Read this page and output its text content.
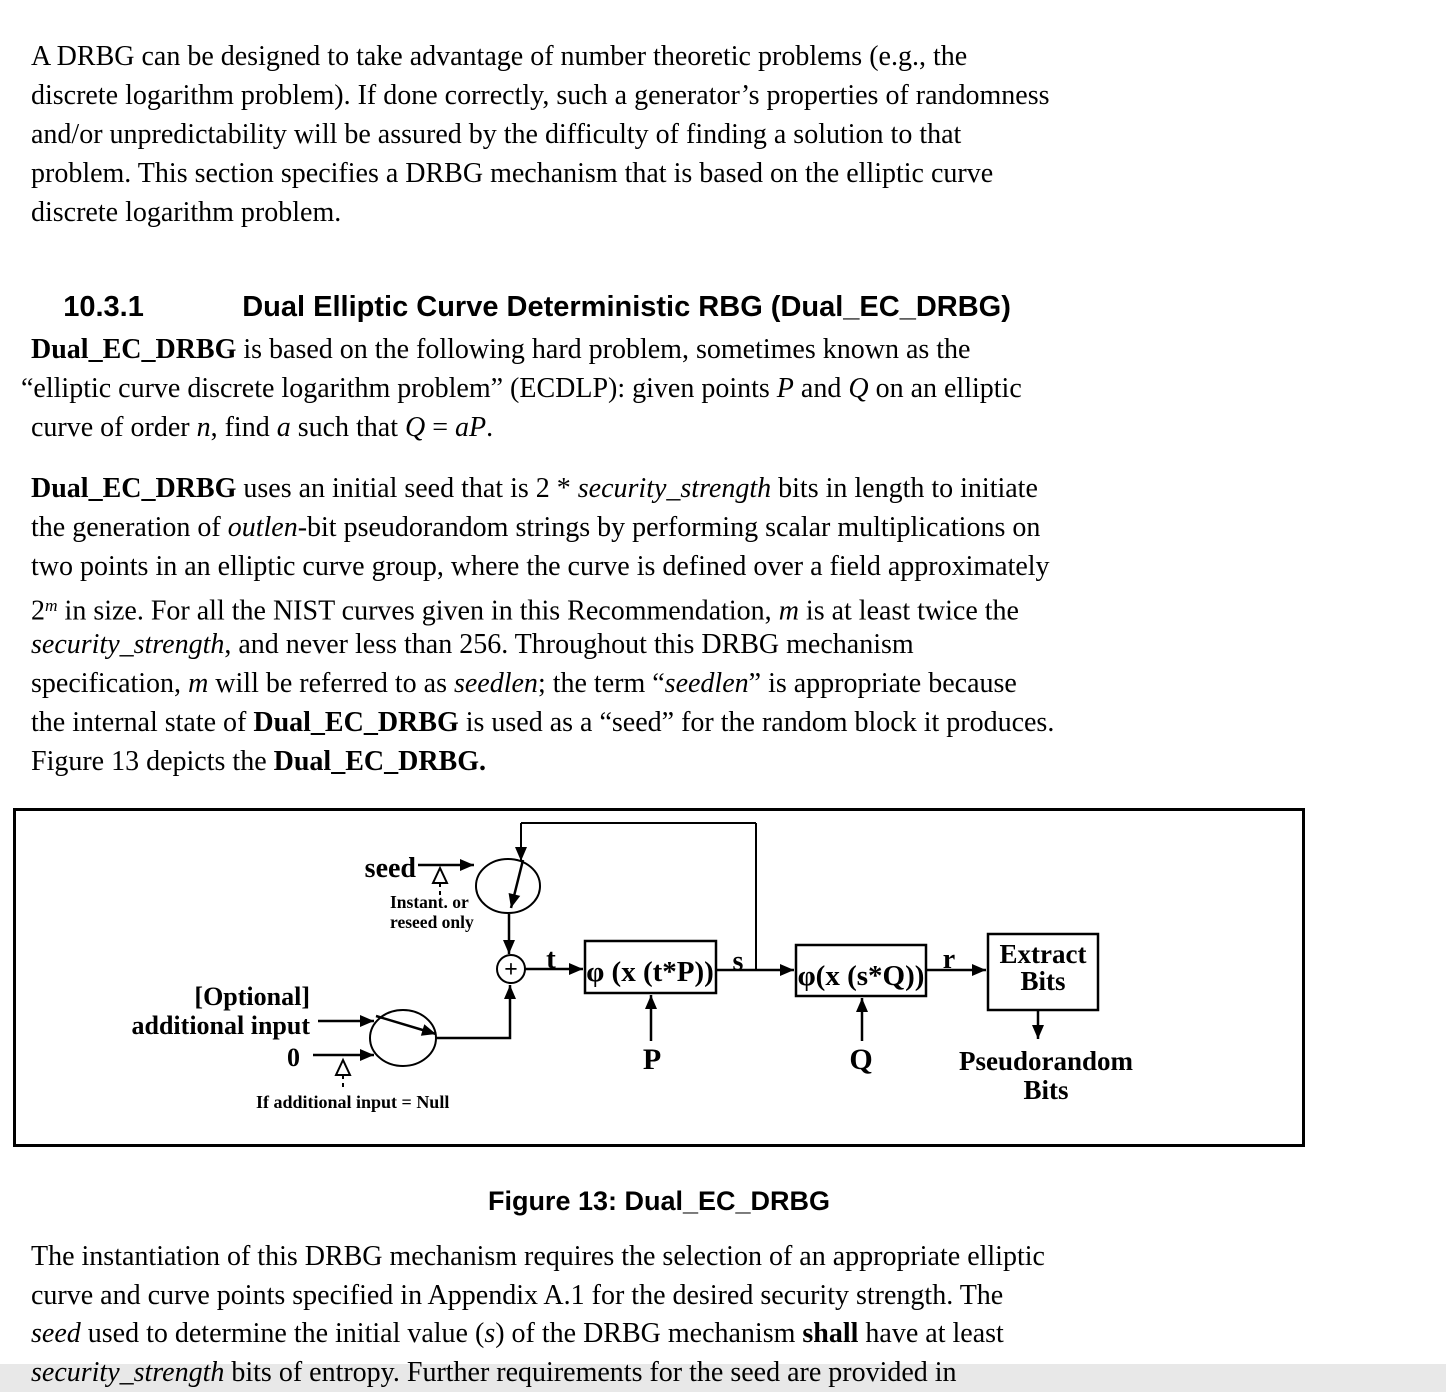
A DRBG can be designed to take advantage of number theoretic problems (e.g., the
discrete logarithm problem). If done correctly, such a generator’s properties of randomness
and/or unpredictability will be assured by the difficulty of finding a solution to that
problem. This section specifies a DRBG mechanism that is based on the elliptic curve
discrete logarithm problem.

10.3.1	Dual Elliptic Curve Deterministic RBG (Dual_EC_DRBG)

Dual_EC_DRBG is based on the following hard problem, sometimes known as the
“elliptic curve discrete logarithm problem” (ECDLP): given points P and Q on an elliptic
curve of order n, find a such that Q = aP.
Dual_EC_DRBG uses an initial seed that is 2 * security_strength bits in length to initiate
the generation of outlen-bit pseudorandom strings by performing scalar multiplications on
two points in an elliptic curve group, where the curve is defined over a field approximately
2$^m$ in size. For all the NIST curves given in this Recommendation, m is at least twice the
security_strength, and never less than 256. Throughout this DRBG mechanism
specification, m will be referred to as seedlen; the term “seedlen” is appropriate because
the internal state of Dual_EC_DRBG is used as a “seed” for the random block it produces.
Figure 13 depicts the Dual_EC_DRBG.
seed
Instant. or
reseed only
+ t φ (x (t*P)) s φ(x (s*Q))
r Extract
Bits
Pseudorandom
Bits
P	Q
[Optional]
additional input
0
If additional input = Null
Figure 13: Dual_EC_DRBG
The instantiation of this DRBG mechanism requires the selection of an appropriate elliptic
curve and curve points specified in Appendix A.1 for the desired security strength. The
seed used to determine the initial value (s) of the DRBG mechanism shall have at least
security_strength bits of entropy. Further requirements for the seed are provided in
